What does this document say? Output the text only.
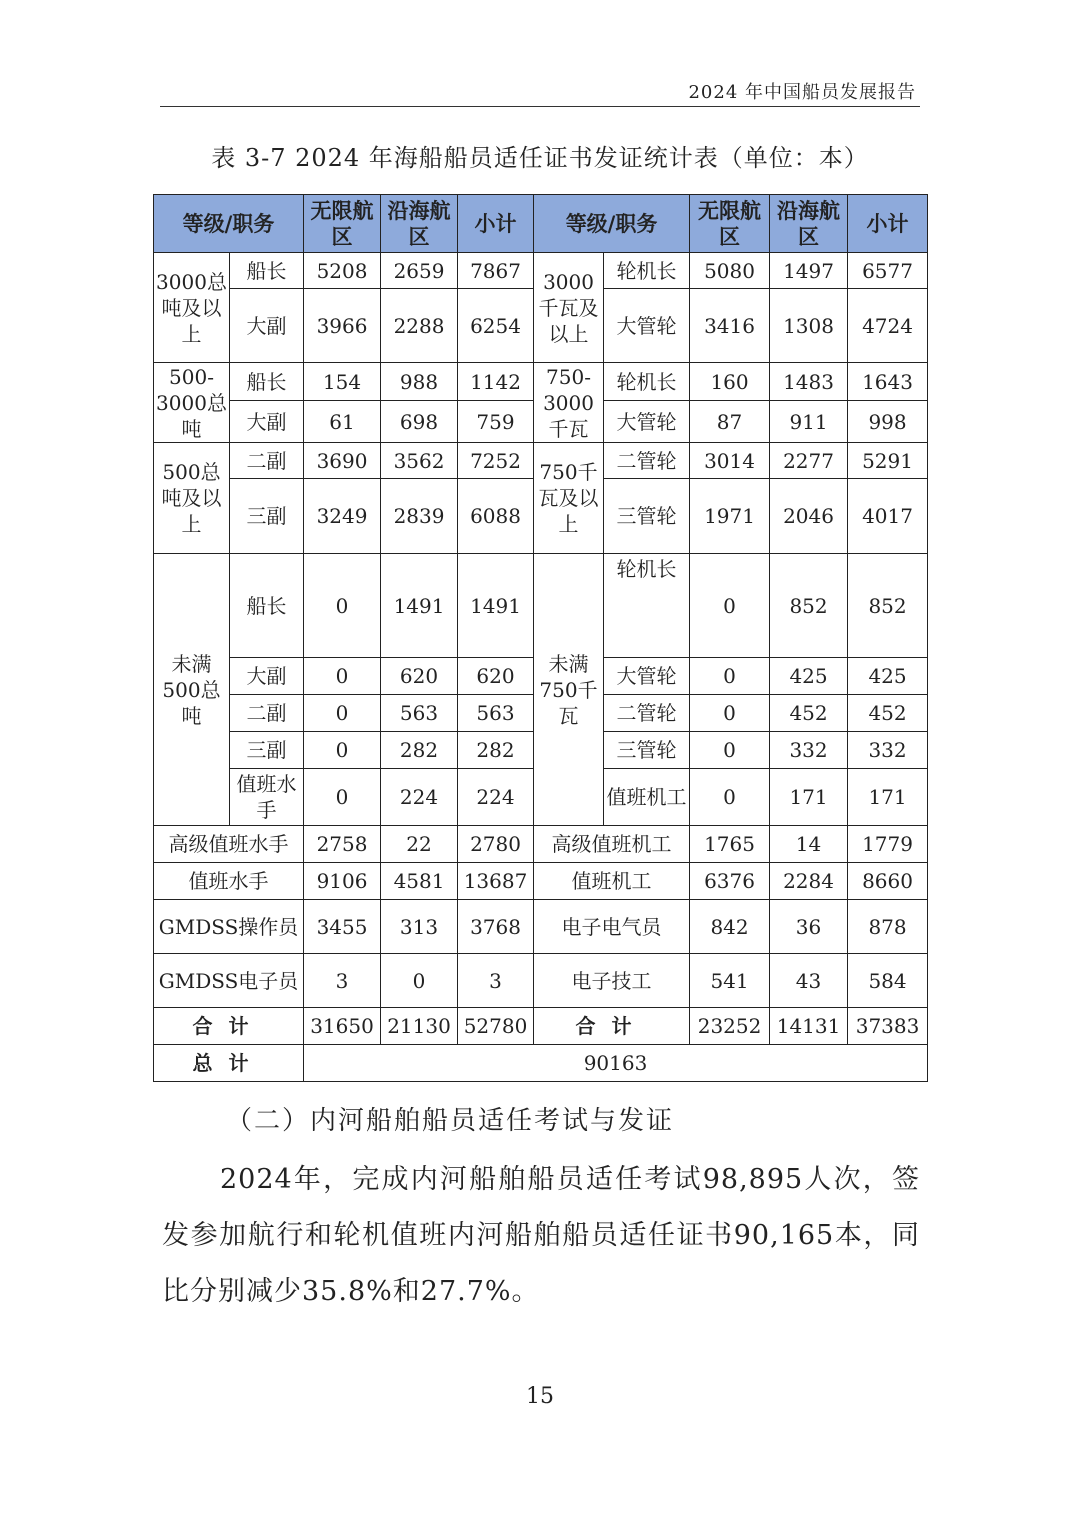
2024 年中国船员发展报告
表 3-7 2024 年海船船员适任证书发证统计表（单位：本）
等级/职务		无限航区	沿海航区	小计	等级/职务		无限航区	沿海航区	小计
3000总吨及以上	船长	5208	2659	7867	3000千瓦及以上	轮机长	5080	1497	6577
	大副	3966	2288	6254		大管轮	3416	1308	4724
500-3000总吨	船长	154	988	1142	750-3000千瓦	轮机长	160	1483	1643
	大副	61	698	759		大管轮	87	911	998
500总吨及以上	二副	3690	3562	7252	750千瓦及以上	二管轮	3014	2277	5291
	三副	3249	2839	6088		三管轮	1971	2046	4017
未满500总吨	船长	0	1491	1491	未满750千瓦	轮机长	0	852	852
	大副	0	620	620		大管轮	0	425	425
	二副	0	563	563		二管轮	0	452	452
	三副	0	282	282		三管轮	0	332	332
	值班水手	0	224	224		值班机工	0	171	171
高级值班水手		2758	22	2780	高级值班机工		1765	14	1779
值班水手		9106	4581	13687	值班机工		6376	2284	8660
GMDSS操作员		3455	313	3768	电子电气员		842	36	878
GMDSS电子员		3	0	3	电子技工		541	43	584
合计		31650	21130	52780	合计		23252	14131	37383
总计		90163							
（二）内河船舶船员适任考试与发证
2024年，完成内河船舶船员适任考试98,895人次，签发参加航行和轮机值班内河船舶船员适任证书90,165本，同比分别减少35.8%和27.7%。
15
